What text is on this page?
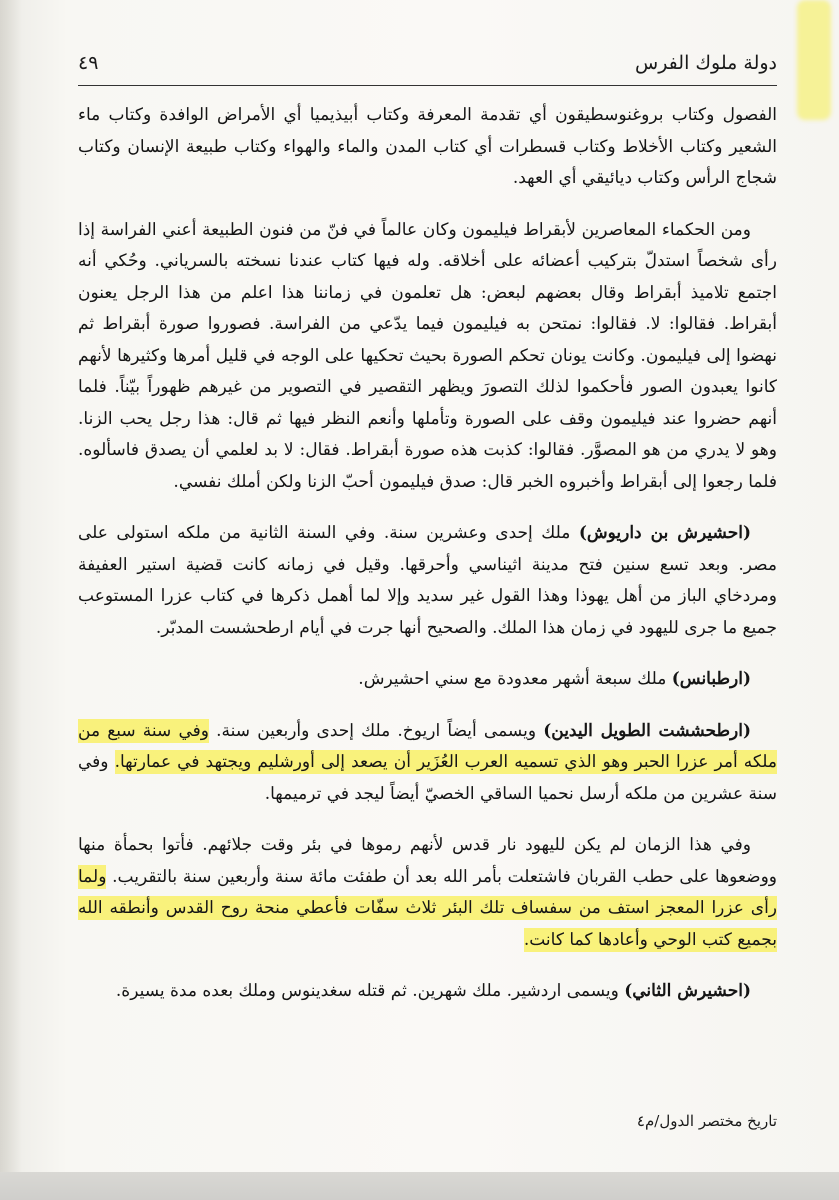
دولة ملوك الفرس
٤٩

الفصول وكتاب بروغنوسطيقون أي تقدمة المعرفة وكتاب أبيذيميا أي الأمراض الوافدة وكتاب ماء الشعير وكتاب الأخلاط وكتاب قسطرات أي كتاب المدن والماء والهواء وكتاب طبيعة الإنسان وكتاب شجاج الرأس وكتاب ديائيقي أي العهد.

ومن الحكماء المعاصرين لأبقراط فيليمون وكان عالماً في فنّ من فنون الطبيعة أعني الفراسة إذا رأى شخصاً استدلّ بتركيب أعضائه على أخلاقه. وله فيها كتاب عندنا نسخته بالسرياني. وحُكي أنه اجتمع تلاميذ أبقراط وقال بعضهم لبعض: هل تعلمون في زماننا هذا اعلم من هذا الرجل يعنون أبقراط. فقالوا: لا. فقالوا: نمتحن به فيليمون فيما يدّعي من الفراسة. فصوروا صورة أبقراط ثم نهضوا إلى فيليمون. وكانت يونان تحكم الصورة بحيث تحكيها على الوجه في قليل أمرها وكثيرها لأنهم كانوا يعبدون الصور فأحكموا لذلك التصورَ ويظهر التقصير في التصوير من غيرهم ظهوراً بيّناً. فلما أنهم حضروا عند فيليمون وقف على الصورة وتأملها وأنعم النظر فيها ثم قال: هذا رجل يحب الزنا. وهو لا يدري من هو المصوَّر. فقالوا: كذبت هذه صورة أبقراط. فقال: لا بد لعلمي أن يصدق فاسألوه. فلما رجعوا إلى أبقراط وأخبروه الخبر قال: صدق فيليمون أحبّ الزنا ولكن أملك نفسي.

(احشيرش بن داريوش) ملك إحدى وعشرين سنة. وفي السنة الثانية من ملكه استولى على مصر. وبعد تسع سنين فتح مدينة اثيناسي وأحرقها. وقيل في زمانه كانت قضية استير العفيفة ومردخاي الباز من أهل يهوذا وهذا القول غير سديد وإلا لما أهمل ذكرها في كتاب عزرا المستوعب جميع ما جرى لليهود في زمان هذا الملك. والصحيح أنها جرت في أيام ارطحشست المدبّر.

(ارطبانس) ملك سبعة أشهر معدودة مع سني احشيرش.

(ارطحششت الطويل اليدين) ويسمى أيضاً اريوخ. ملك إحدى وأربعين سنة. وفي سنة سبع من ملكه أمر عزرا الحبر وهو الذي تسميه العرب العُزَير أن يصعد إلى أورشليم ويجتهد في عمارتها. وفي سنة عشرين من ملكه أرسل نحميا الساقي الخصيّ أيضاً ليجد في ترميمها.

وفي هذا الزمان لم يكن لليهود نار قدس لأنهم رموها في بئر وقت جلائهم. فأتوا بحمأة منها ووضعوها على حطب القربان فاشتعلت بأمر الله بعد أن طفئت مائة سنة وأربعين سنة بالتقريب. ولما رأى عزرا المعجز استف من سفساف تلك البئر ثلاث سفّات فأعطي منحة روح القدس وأنطقه الله بجميع كتب الوحي وأعادها كما كانت.

(احشيرش الثاني) ويسمى اردشير. ملك شهرين. ثم قتله سغدينوس وملك بعده مدة يسيرة.

تاريخ مختصر الدول/م٤
